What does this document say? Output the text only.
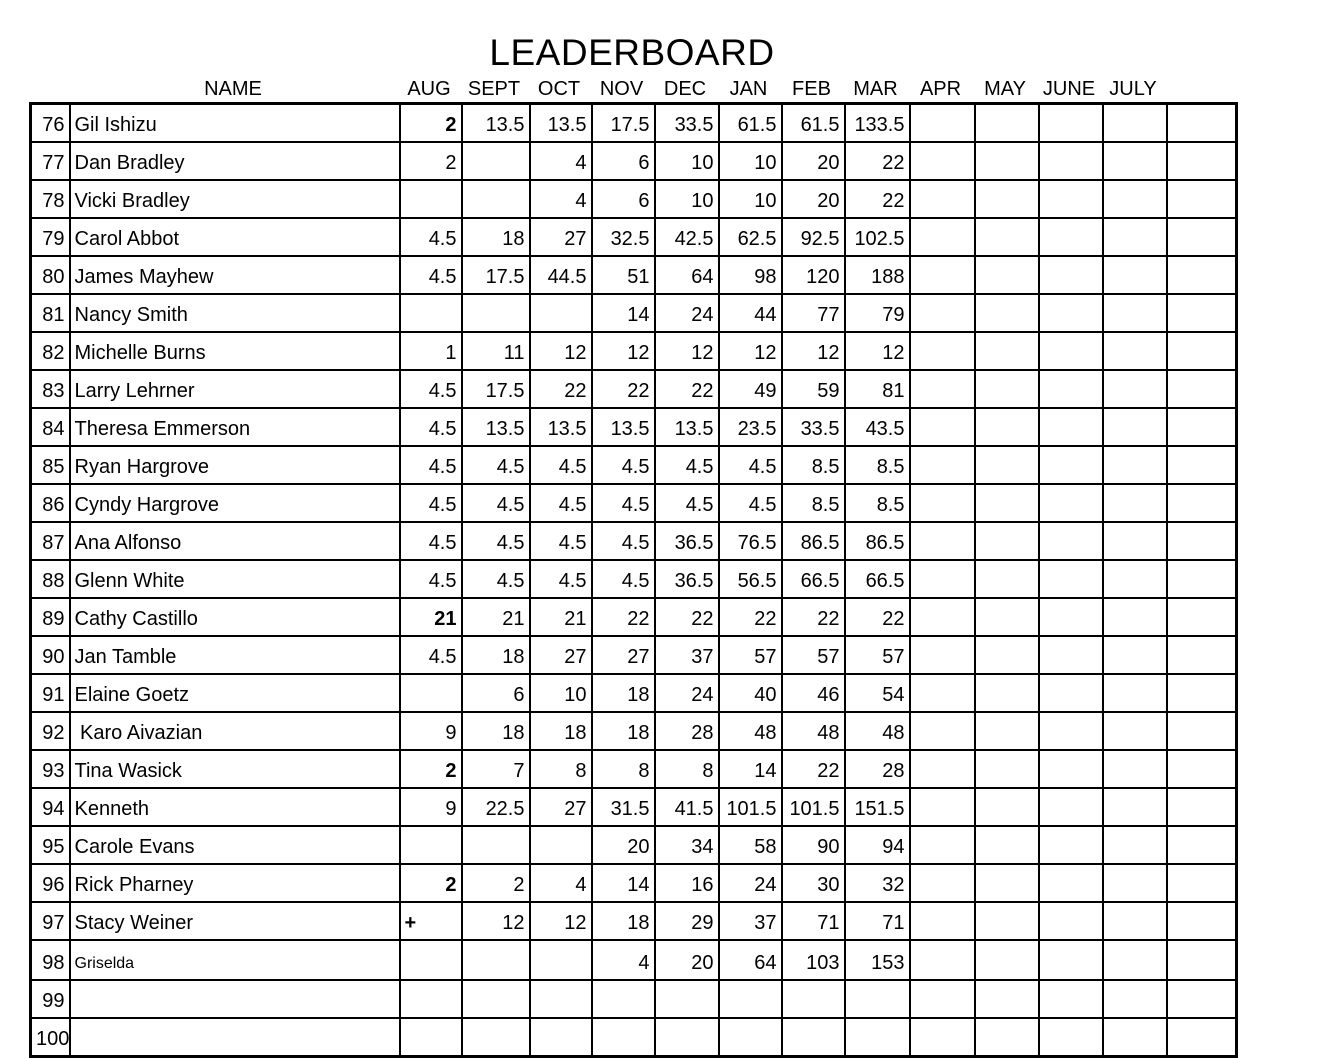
LEADERBOARD
NAME	AUG SEPT OCT NOV	DEC	JAN	FEB	MAR	APR	MAY JUNE JULY
76	Gil Ishizu	2	13.5	13.5	17.5	33.5	61.5	61.5	133.5					
77	Dan Bradley	2		4	6	10	10	20	22					
78	Vicki Bradley			4	6	10	10	20	22					
79	Carol Abbot	4.5	18	27	32.5	42.5	62.5	92.5	102.5					
80	James Mayhew	4.5	17.5	44.5	51	64	98	120	188					
81	Nancy Smith				14	24	44	77	79					
82	Michelle Burns	1	11	12	12	12	12	12	12					
83	Larry Lehrner	4.5	17.5	22	22	22	49	59	81					
84	Theresa Emmerson	4.5	13.5	13.5	13.5	13.5	23.5	33.5	43.5					
85	Ryan Hargrove	4.5	4.5	4.5	4.5	4.5	4.5	8.5	8.5					
86	Cyndy Hargrove	4.5	4.5	4.5	4.5	4.5	4.5	8.5	8.5					
87	Ana Alfonso	4.5	4.5	4.5	4.5	36.5	76.5	86.5	86.5					
88	Glenn White	4.5	4.5	4.5	4.5	36.5	56.5	66.5	66.5					
89	Cathy Castillo	21	21	21	22	22	22	22	22					
90	Jan Tamble	4.5	18	27	27	37	57	57	57					
91	Elaine Goetz		6	10	18	24	40	46	54					
92	Karo Aivazian	9	18	18	18	28	48	48	48					
93	Tina Wasick	2	7	8	8	8	14	22	28					
94	Kenneth	9	22.5	27	31.5	41.5	101.5	101.5	151.5					
95	Carole Evans				20	34	58	90	94					
96	Rick Pharney	2	2	4	14	16	24	30	32					
97	Stacy Weiner	+	12	12	18	29	37	71	71					
98	Griselda				4	20	64	103	153					
99														
100														
